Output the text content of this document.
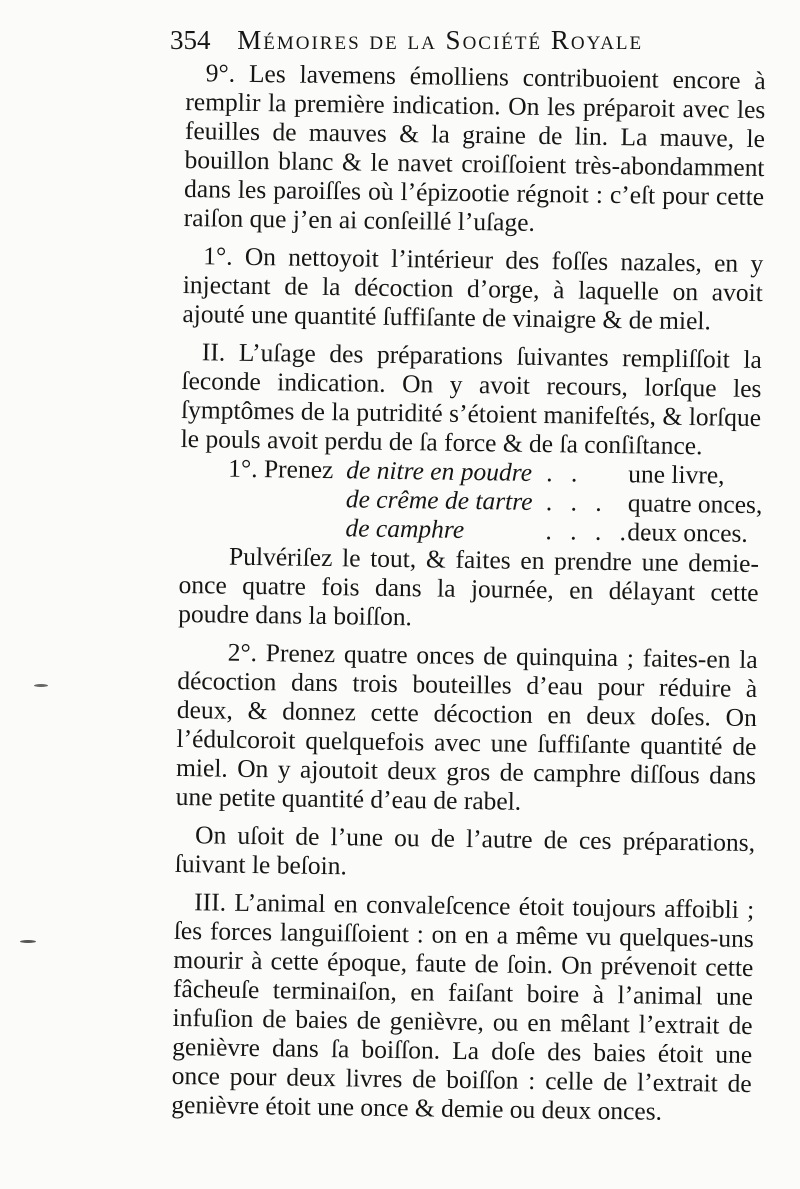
354 Mémoires de la Société Royale

9°. Les lavemens émolliens contribuoient encore à remplir la première indication. On les préparoit avec les feuilles de mauves & la graine de lin. La mauve, le bouillon blanc & le navet croiſſoient très-abondamment dans les paroiſſes où l’épizootie régnoit : c’eſt pour cette raiſon que j’en ai conſeillé l’uſage.

1°. On nettoyoit l’intérieur des foſſes nazales, en y injectant de la décoction d’orge, à laquelle on avoit ajouté une quantité ſuffiſante de vinaigre & de miel.

II. L’uſage des préparations ſuivantes rempliſſoit la ſeconde indication. On y avoit recours, lorſque les ſymptômes de la putridité s’étoient manifeſtés, & lorſque le pouls avoit perdu de ſa force & de ſa conſiſtance.

1°. Prenez de nitre en poudre . . une livre,
de crême de tartre . . . quatre onces,
de camphre	. . . . .deux onces.

Pulvériſez le tout, & faites en prendre une demie-once quatre fois dans la journée, en délayant cette poudre dans la boiſſon.

2°. Prenez quatre onces de quinquina ; faites-en la décoction dans trois bouteilles d’eau pour réduire à deux, & donnez cette décoction en deux doſes. On l’édulcoroit quelquefois avec une ſuffiſante quantité de miel. On y ajoutoit deux gros de camphre diſſous dans une petite quantité d’eau de rabel.

On uſoit de l’une ou de l’autre de ces préparations, ſuivant le beſoin.

III. L’animal en convaleſcence étoit toujours affoibli ; ſes forces languiſſoient : on en a même vu quelques-uns mourir à cette époque, faute de ſoin. On prévenoit cette fâcheuſe terminaiſon, en faiſant boire à l’animal une infuſion de baies de genièvre, ou en mêlant l’extrait de genièvre dans ſa boiſſon. La doſe des baies étoit une once pour deux livres de boiſſon : celle de l’extrait de genièvre étoit une once & demie ou deux onces.
